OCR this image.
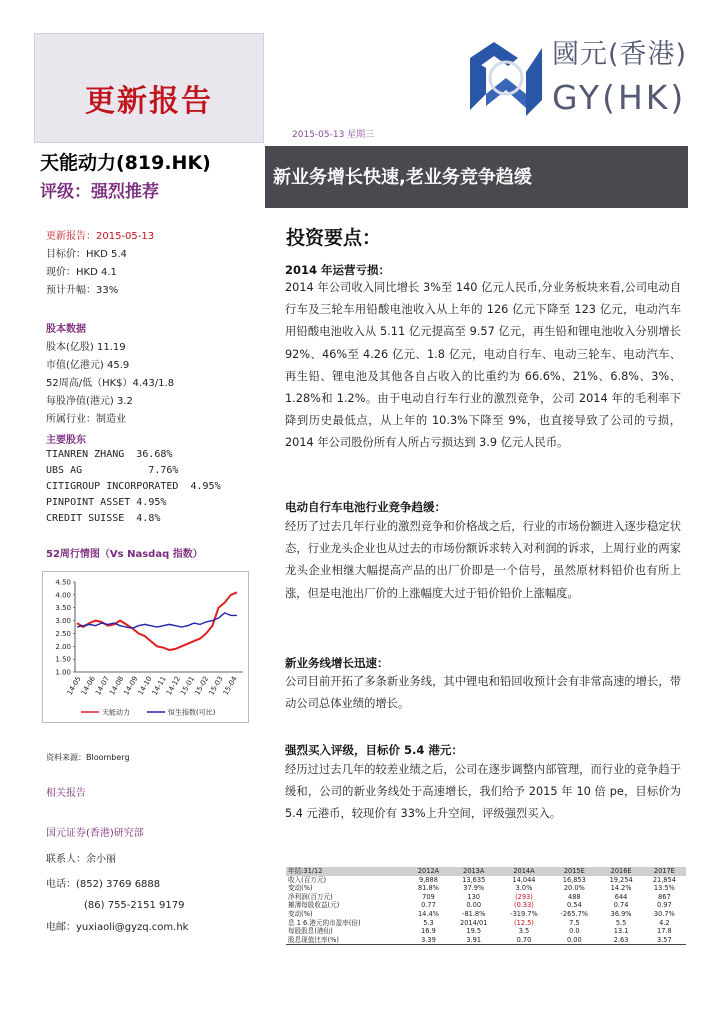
更新报告
2015-05-13 星期三
國元(香港)
GY(HK)
天能动力(819.HK)
评级：强烈推荐
新业务增长快速,老业务竞争趋缓
更新报告：2015-05-13
目标价：HKD 5.4
现价：HKD 4.1
预计升幅：33%
股本数据
股本(亿股) 11.19
市值(亿港元) 45.9
52周高/低（HK$）4.43/1.8
每股净值(港元) 3.2
所属行业：制造业
主要股东
TIANREN ZHANG  36.68%
UBS AG           7.76%
CITIGROUP INCORPORATED  4.95%
PINPOINT ASSET 4.95%
CREDIT SUISSE  4.8%
52周行情图（Vs Nasdaq 指数）
4.50
4.00
3.50
3.00
2.50
2.00
1.50
1.00
14-05
14-06
14-07
14-08
14-09
14-10
14-11
14-12
15-01
15-02
15-03
15-04
天能动力	恒生指数(可比)
资料来源：Bloomberg
相关报告
国元证券(香港)研究部
联系人：余小丽
电话：(852) 3769 6888
(86) 755-2151 9179
电邮：yuxiaoli@gyzq.com.hk
投资要点：
2014 年运营亏损：
2014 年公司收入同比增长 3%至 140 亿元人民币,分业务板块来看,公司电动自行车及三轮车用铅酸电池收入从上年的 126 亿元下降至 123 亿元，电动汽车用铅酸电池收入从 5.11 亿元提高至 9.57 亿元，再生铅和锂电池收入分别增长 92%、46%至 4.26 亿元、1.8 亿元，电动自行车、电动三轮车、电动汽车、再生铅、锂电池及其他各自占收入的比重约为 66.6%、21%、6.8%、3%、1.28%和 1.2%。由于电动自行车行业的激烈竞争，公司 2014 年的毛利率下降到历史最低点，从上年的 10.3%下降至 9%，也直接导致了公司的亏损，2014 年公司股份所有人所占亏损达到 3.9 亿元人民币。
电动自行车电池行业竞争趋缓：
经历了过去几年行业的激烈竞争和价格战之后，行业的市场份额进入逐步稳定状态，行业龙头企业也从过去的市场份额诉求转入对利润的诉求，上周行业的两家龙头企业相继大幅提高产品的出厂价即是一个信号，虽然原材料铅价也有所上涨，但是电池出厂价的上涨幅度大过于铅价铅价上涨幅度。
新业务线增长迅速：
公司目前开拓了多条新业务线，其中锂电和铅回收预计会有非常高速的增长，带动公司总体业绩的增长。
强烈买入评级，目标价 5.4 港元：
经历过过去几年的较差业绩之后，公司在逐步调整内部管理，而行业的竞争趋于缓和，公司的新业务线处于高速增长，我们给予 2015 年 10 倍 pe，目标价为 5.4 元港币，较现价有 33%上升空间，评级强烈买入。
年结:31/12	2012A	2013A	2014A	2015E	2016E	2017E
收入(百万元)	9,888	13,635	14,044	16,853	19,254	21,854
变动(%)	81.8%	37.9%	3.0%	20.0%	14.2%	13.5%
净利润(百万元)	709	130	(293)	488	644	867
摊薄每股收益(元)	0.77	0.00	(0.33)	0.54	0.74	0.97
变动(%)	14.4%	-81.8%	-319.7%	-265.7%	36.9%	30.7%
息 1 6.港元的市盈率(倍)	5.3	2014/01	(12.5)	7.5	5.5	4.2
每股股息(港仙)	16.9	19.5	3.5	0.0	13.1	17.8
股息现值比率(%)	3.39	3.91	0.70	0.00	2.63	3.57
